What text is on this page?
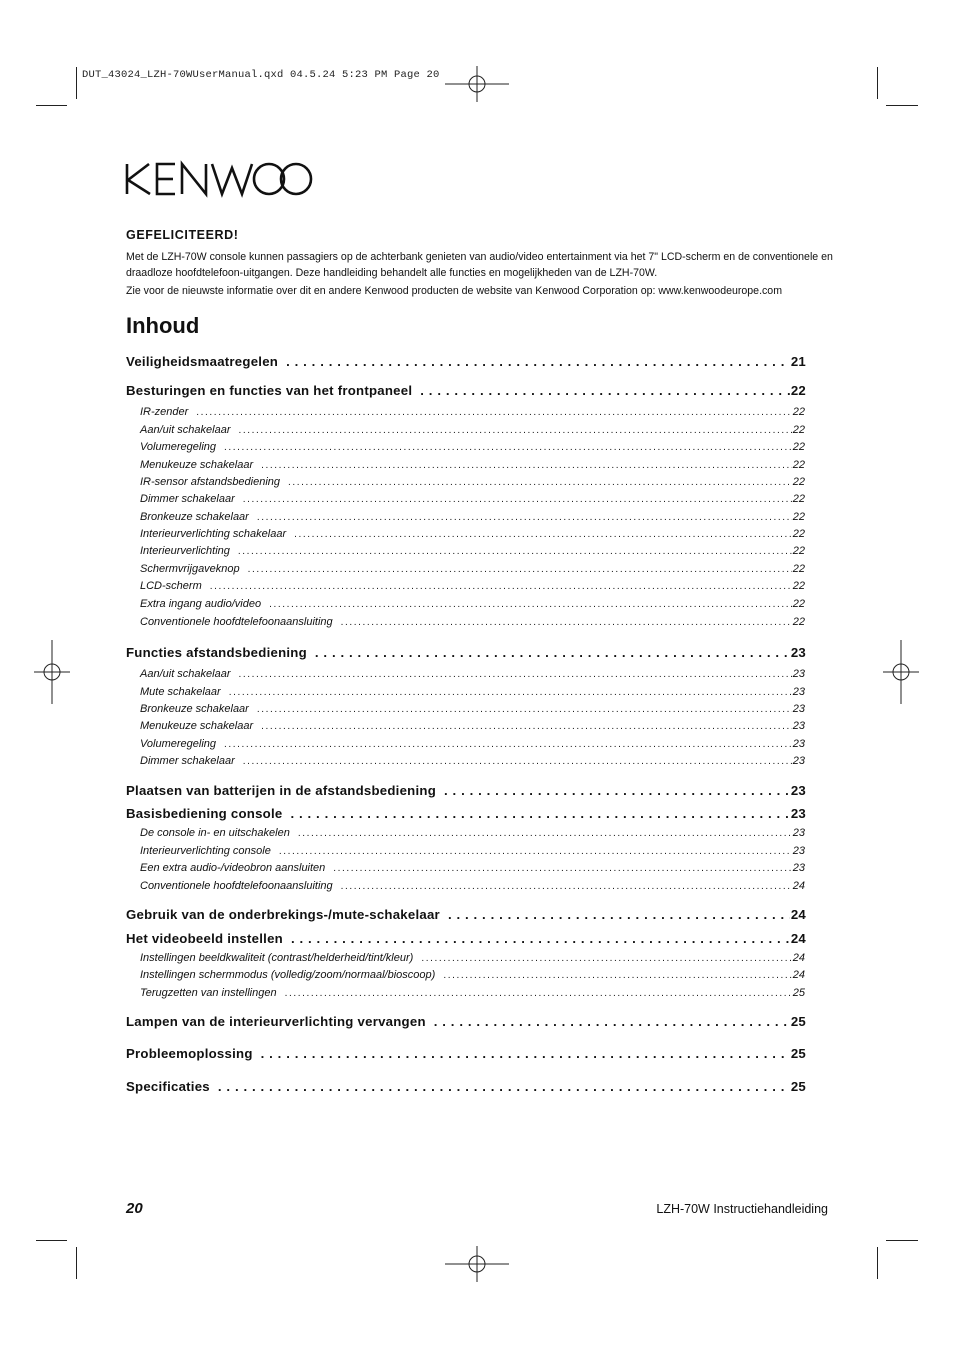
DUT_43024_LZH-70WUserManual.qxd 04.5.24 5:23 PM Page 20
GEFELICITEERD!

Met de LZH-70W console kunnen passagiers op de achterbank genieten van audio/video entertainment via het 7" LCD-scherm en de conventionele en draadloze hoofdtelefoon-uitgangen. Deze handleiding behandelt alle functies en mogelijkheden van de LZH-70W.

Zie voor de nieuwste informatie over dit en andere Kenwood producten de website van Kenwood Corporation op: www.kenwoodeurope.com

Inhoud
Veiligheidsmaatregelen . . .	21
Besturingen en functies van het frontpaneel . . .	22
IR-zender .....	22
Aan/uit schakelaar .....	22
Volumeregeling .....	22
Menukeuze schakelaar .....	22
IR-sensor afstandsbediening .....	22
Dimmer schakelaar .....	22
Bronkeuze schakelaar .....	22
Interieurverlichting schakelaar .....	22
Interieurverlichting .....	22
Schermvrijgaveknop .....	22
LCD-scherm .....	22
Extra ingang audio/video .....	22
Conventionele hoofdtelefoonaansluiting .....	22
Functies afstandsbediening . . .	23
Aan/uit schakelaar .....	23
Mute schakelaar .....	23
Bronkeuze schakelaar .....	23
Menukeuze schakelaar .....	23
Volumeregeling .....	23
Dimmer schakelaar .....	23
Plaatsen van batterijen in de afstandsbediening . . .	23
Basisbediening console . . .	23
De console in- en uitschakelen .....	23
Interieurverlichting console .....	23
Een extra audio-/videobron aansluiten .....	23
Conventionele hoofdtelefoonaansluiting .....	24
Gebruik van de onderbrekings-/mute-schakelaar . . .	24
Het videobeeld instellen . . .	24
Instellingen beeldkwaliteit (contrast/helderheid/tint/kleur) .....	24
Instellingen schermmodus (volledig/zoom/normaal/bioscoop) .....	24
Terugzetten van instellingen .....	25
Lampen van de interieurverlichting vervangen . . .	25
Probleemoplossing . . .	25
Specificaties . . .	25
20	LZH-70W Instructiehandleiding
